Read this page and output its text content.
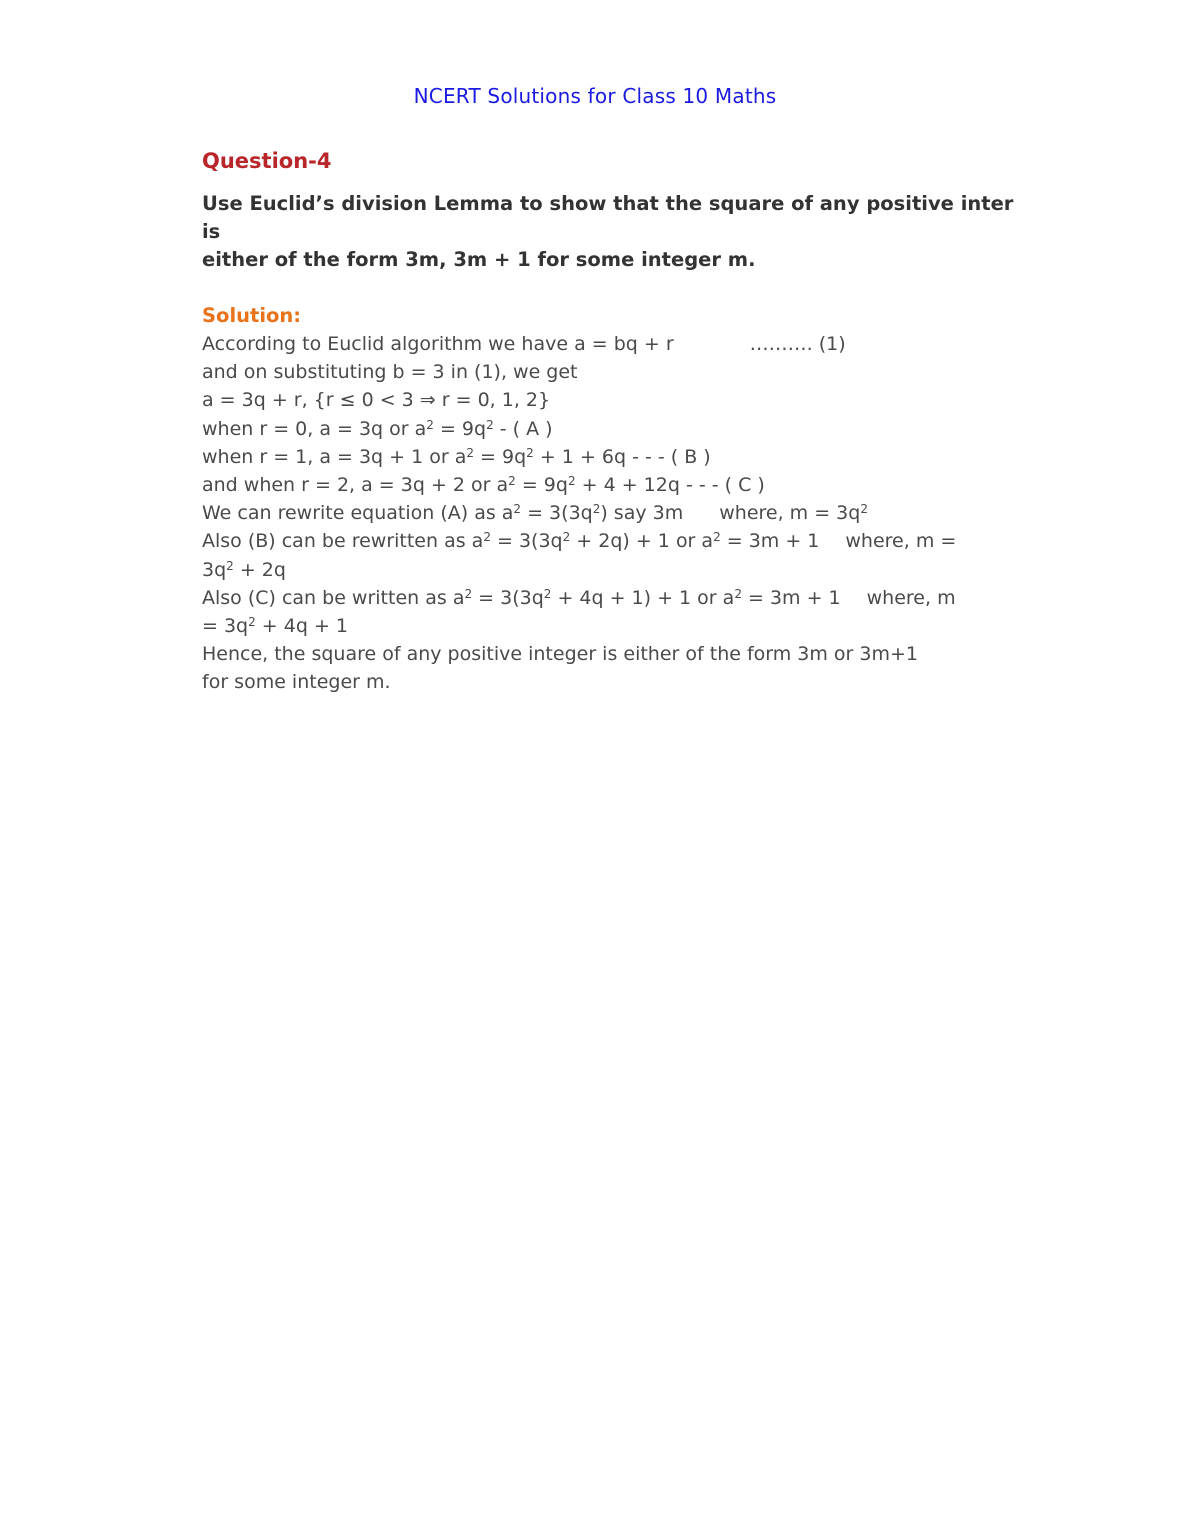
NCERT Solutions for Class 10 Maths
Question-4
Use Euclid’s division Lemma to show that the square of any positive inter is
either of the form 3m, 3m + 1 for some integer m.
Solution:
According to Euclid algorithm we have a = bq + r	………. (1)
and on substituting b = 3 in (1), we get
a = 3q + r, {r ≤ 0 < 3 ⇒ r = 0, 1, 2}
when r = 0, a = 3q or $a^2 = 9q^2$ - ( A )
when r = 1, a = 3q + 1 or $a^2 = 9q^2 + 1 + 6q$ - - - ( B )
and when r = 2, a = 3q + 2 or $a^2 = 9q^2 + 4 + 12q$ - - - ( C )
We can rewrite equation (A) as $a^2 = 3(3q^2)$ say 3m where, $m = 3q^2$
Also (B) can be rewritten as $a^2 = 3(3q^2 + 2q) + 1$ or $a^2 = 3m + 1$ where, m =
$3q^2 + 2q$
Also (C) can be written as $a^2 = 3(3q^2 + 4q + 1) + 1$ or $a^2 = 3m + 1$ where, m
= $3q^2 + 4q + 1$
Hence, the square of any positive integer is either of the form 3m or 3m+1
for some integer m.
